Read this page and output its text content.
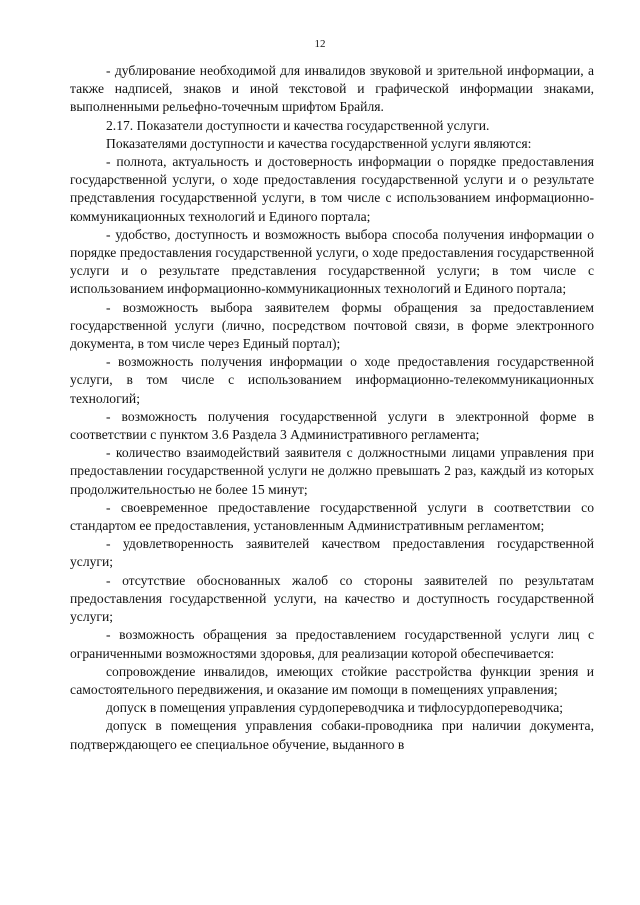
12

- дублирование необходимой для инвалидов звуковой и зрительной информации, а также надписей, знаков и иной текстовой и графической информации знаками, выполненными рельефно-точечным шрифтом Брайля.

2.17. Показатели доступности и качества государственной услуги.

Показателями доступности и качества государственной услуги являются:

- полнота, актуальность и достоверность информации о порядке предоставления государственной услуги, о ходе предоставления государственной услуги и о результате представления государственной услуги, в том числе с использованием информационно-коммуникационных технологий и Единого портала;

- удобство, доступность и возможность выбора способа получения информации о порядке предоставления государственной услуги, о ходе предоставления государственной услуги и о результате представления государственной услуги; в том числе с использованием информационно-коммуникационных технологий и Единого портала;

- возможность выбора заявителем формы обращения за предоставлением государственной услуги (лично, посредством почтовой связи, в форме электронного документа, в том числе через Единый портал);

- возможность получения информации о ходе предоставления государственной услуги, в том числе с использованием информационно-телекоммуникационных технологий;

- возможность получения государственной услуги в электронной форме в соответствии с пунктом 3.6 Раздела 3 Административного регламента;

- количество взаимодействий заявителя с должностными лицами управления при предоставлении государственной услуги не должно превышать 2 раз, каждый из которых продолжительностью не более 15 минут;

- своевременное предоставление государственной услуги в соответствии со стандартом ее предоставления, установленным Административным регламентом;

- удовлетворенность заявителей качеством предоставления государственной услуги;

- отсутствие обоснованных жалоб со стороны заявителей по результатам предоставления государственной услуги, на качество и доступность государственной услуги;

- возможность обращения за предоставлением государственной услуги лиц с ограниченными возможностями здоровья, для реализации которой обеспечивается:

сопровождение инвалидов, имеющих стойкие расстройства функции зрения и самостоятельного передвижения, и оказание им помощи в помещениях управления;

допуск в помещения управления сурдопереводчика и тифлосурдопереводчика;

допуск в помещения управления собаки-проводника при наличии документа, подтверждающего ее специальное обучение, выданного в
